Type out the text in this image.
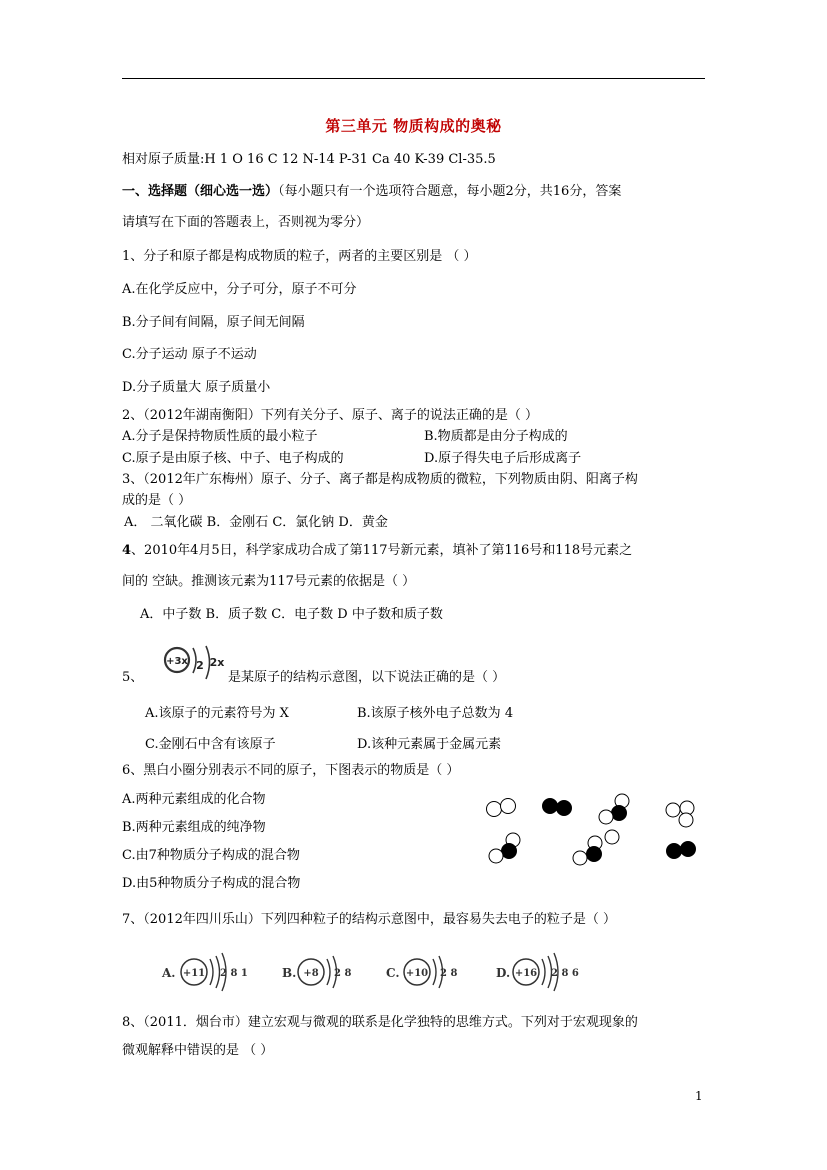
第三单元 物质构成的奥秘
相对原子质量:H 1 O 16 C 12 N-14 P-31 Ca 40 K-39 Cl-35.5
一、选择题（细心选一选）（每小题只有一个选项符合题意，每小题2分，共16分，答案
请填写在下面的答题表上，否则视为零分）
1、分子和原子都是构成物质的粒子，两者的主要区别是 （ ）
A.在化学反应中，分子可分，原子不可分
B.分子间有间隔，原子间无间隔
C.分子运动 原子不运动
D.分子质量大 原子质量小
2、（2012年湖南衡阳）下列有关分子、原子、离子的说法正确的是（ ）
A.分子是保持物质性质的最小粒子	B.物质都是由分子构成的
C.原子是由原子核、中子、电子构成的	D.原子得失电子后形成离子
3、（2012年广东梅州）原子、分子、离子都是构成物质的微粒，下列物质由阴、阳离子构
成的是（ ）
A． 二氧化碳 B．金刚石 C．氯化钠 D．黄金
4、2010年4月5日，科学家成功合成了第117号新元素，填补了第116号和118号元素之
间的 空缺。推测该元素为117号元素的依据是（ ）
A．中子数 B．质子数 C．电子数 D 中子数和质子数
5、
+3x 2 2x
是某原子的结构示意图，以下说法正确的是（ ）
A.该原子的元素符号为 X	B.该原子核外电子总数为 4
C.金刚石中含有该原子	D.该种元素属于金属元素
6、黑白小圈分别表示不同的原子，下图表示的物质是（ ）
A.两种元素组成的化合物
B.两种元素组成的纯净物
C.由7种物质分子构成的混合物
D.由5种物质分子构成的混合物
7、（2012年四川乐山）下列四种粒子的结构示意图中，最容易失去电子的粒子是（ ）
A. +11 2 8 1	B. +8 2 8	C. +10 2 8	D. +16 2 8 6
8、（2011．烟台市）建立宏观与微观的联系是化学独特的思维方式。下列对于宏观现象的
微观解释中错误的是 （ ）
1
